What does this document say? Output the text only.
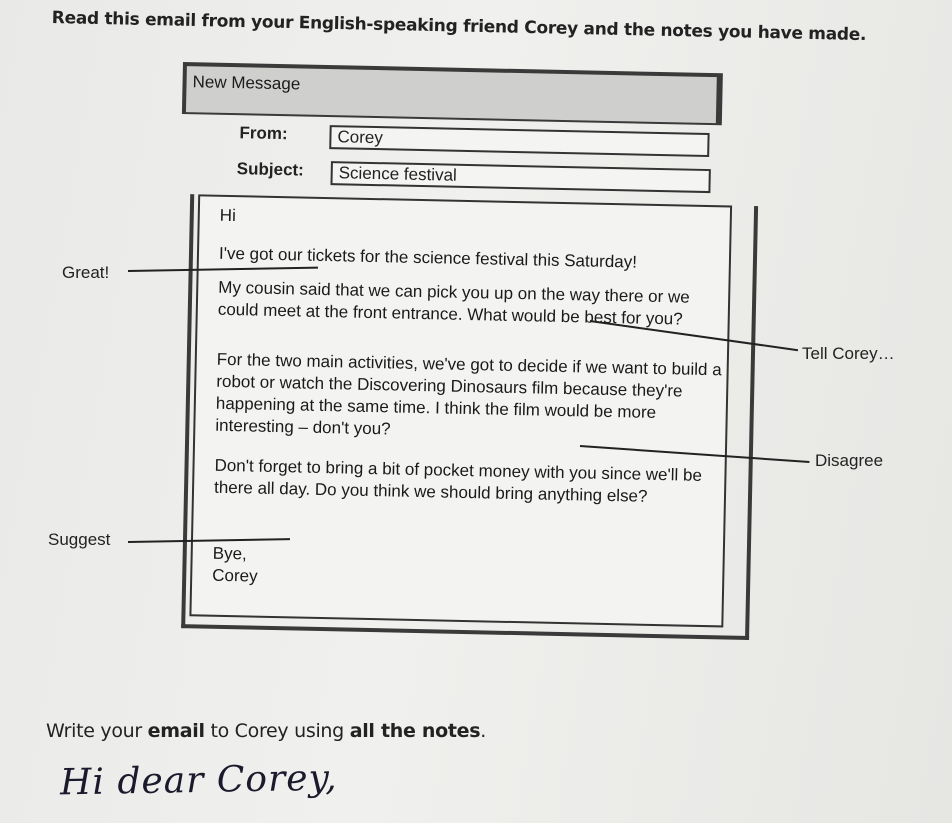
Read this email from your English-speaking friend Corey and the notes you have made.
New Message
From:	Corey
Subject:	Science festival
Hi
I've got our tickets for the science festival this Saturday!
My cousin said that we can pick you up on the way there or we could meet at the front entrance. What would be best for you?
For the two main activities, we've got to decide if we want to build a robot or watch the Discovering Dinosaurs film because they're happening at the same time. I think the film would be more interesting – don't you?
Don't forget to bring a bit of pocket money with you since we'll be there all day. Do you think we should bring anything else?
Bye,
Corey
Great!
Tell Corey…
Disagree
Suggest
Write your email to Corey using all the notes.
Hi dear Corey,
